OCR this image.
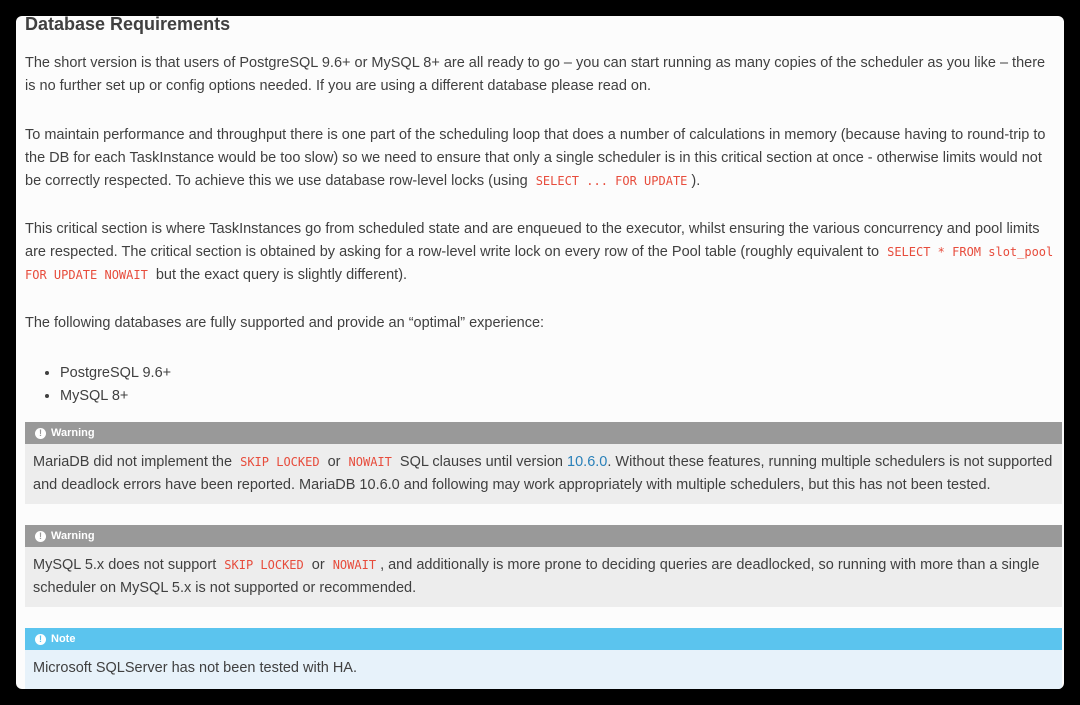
Database Requirements

The short version is that users of PostgreSQL 9.6+ or MySQL 8+ are all ready to go – you can start running as many copies of the scheduler as you like – there is no further set up or config options needed. If you are using a different database please read on.

To maintain performance and throughput there is one part of the scheduling loop that does a number of calculations in memory (because having to round-trip to the DB for each TaskInstance would be too slow) so we need to ensure that only a single scheduler is in this critical section at once - otherwise limits would not be correctly respected. To achieve this we use database row-level locks (using SELECT ... FOR UPDATE ).

This critical section is where TaskInstances go from scheduled state and are enqueued to the executor, whilst ensuring the various concurrency and pool limits are respected. The critical section is obtained by asking for a row-level write lock on every row of the Pool table (roughly equivalent to SELECT * FROM slot_pool FOR UPDATE NOWAIT but the exact query is slightly different).

The following databases are fully supported and provide an “optimal” experience:

• PostgreSQL 9.6+
• MySQL 8+
! Warning
MariaDB did not implement the SKIP LOCKED or NOWAIT SQL clauses until version 10.6.0. Without these features, running multiple schedulers is not supported and deadlock errors have been reported. MariaDB 10.6.0 and following may work appropriately with multiple schedulers, but this has not been tested.
! Warning
MySQL 5.x does not support SKIP LOCKED or NOWAIT , and additionally is more prone to deciding queries are deadlocked, so running with more than a single scheduler on MySQL 5.x is not supported or recommended.
! Note
Microsoft SQLServer has not been tested with HA.
